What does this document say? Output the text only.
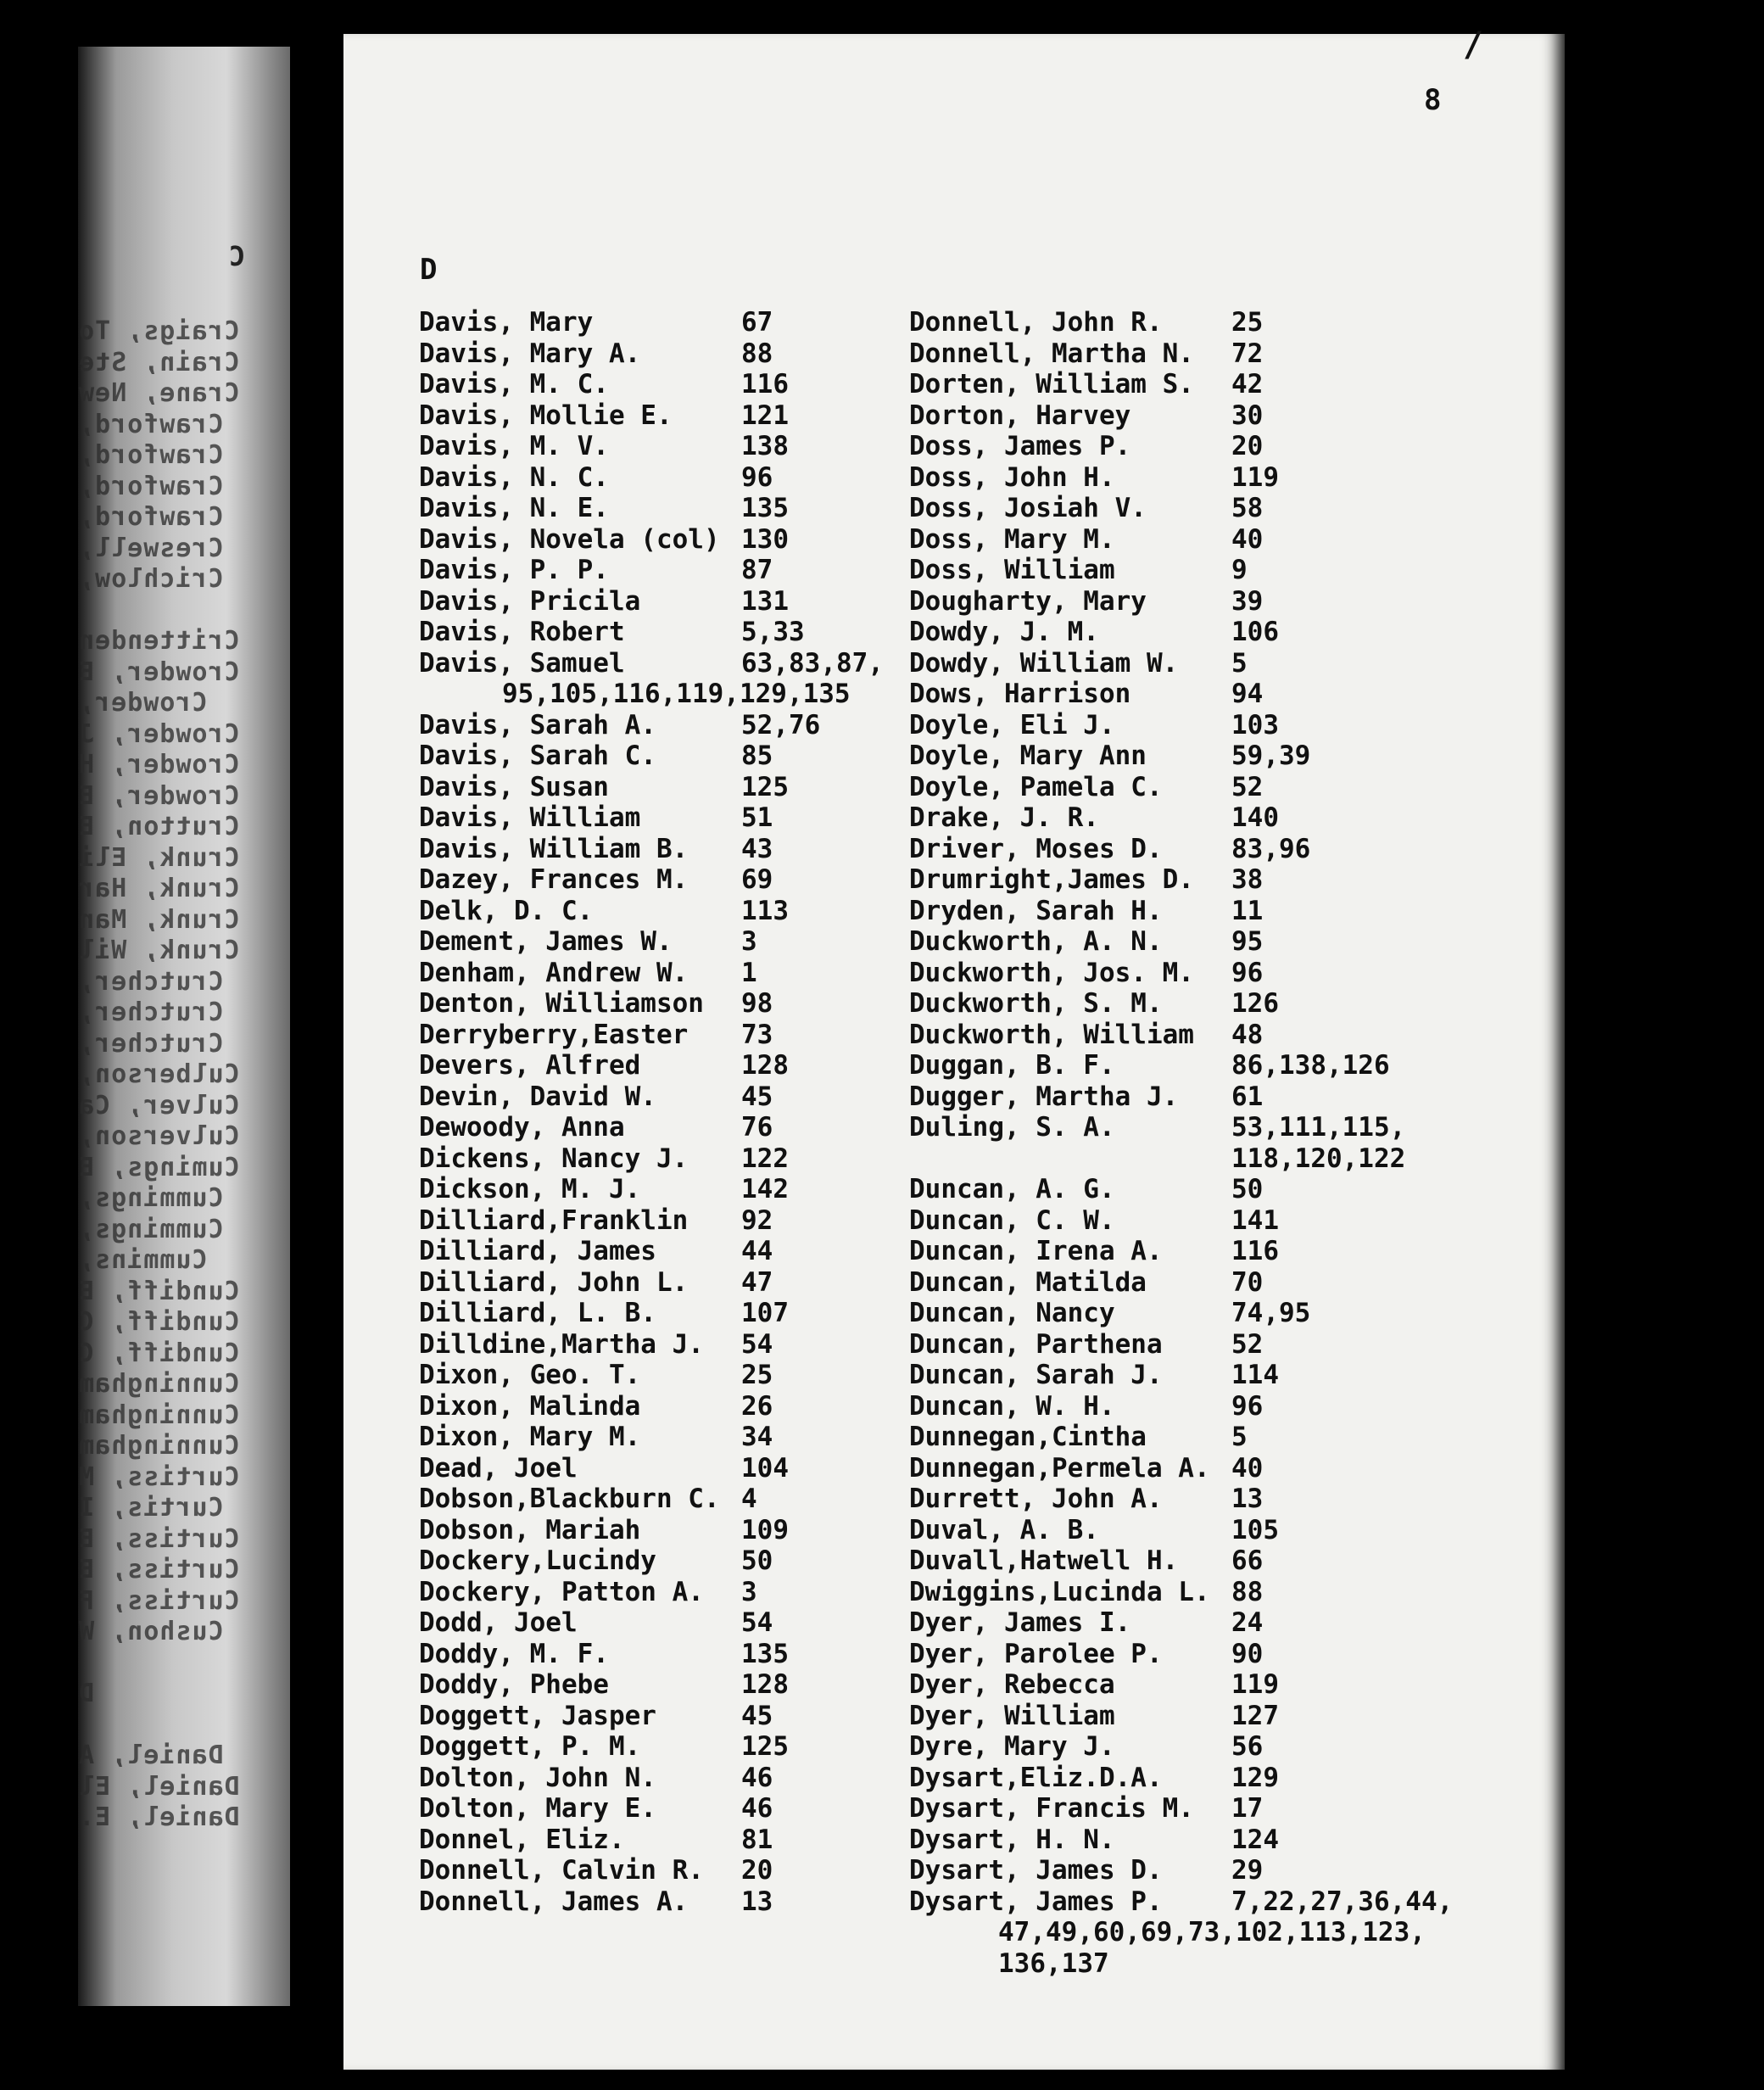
C
Craigs, To
Crain, Ste
Crane, New
Crawford,
Crawford,
Crawford,
Crawford,
Creswell,
Crichlow,
Crittenden
Crowder, E
Crowder,
Crowder, J
Crowder, H
Crowder, E
Crutton, E
Crunk, Eli
Crunk, Har
Crunk, Man
Crunk, Wil
Crutcher,
Crutcher,
Crutcher,
Culberson,
Culver, Ca
Culverson,
Cumings, E
Cummings,
Cummings,
Cummins,
Cundiff, E
Cundiff, C
Cundiff, C
Cunningham
Cunningham
Cunningham
Curtiss, M
Curtis, I
Curtiss, E
Curtiss, E
Curtiss, F
Cushon, W
D
Daniel, A
Daniel, El
Daniel, E.
/
8
D
Davis, Mary	67
Davis, Mary A.	88
Davis, M. C.	116
Davis, Mollie E.	121
Davis, M. V.	138
Davis, N. C.	96
Davis, N. E.	135
Davis, Novela (col) 130
Davis, P. P.	87
Davis, Pricila	131
Davis, Robert	5,33
Davis, Samuel	63,83,87,
95,105,116,119,129,135
Davis, Sarah A.	52,76
Davis, Sarah C.	85
Davis, Susan	125
Davis, William	51
Davis, William B. 43
Dazey, Frances M. 69
Delk, D. C.	113
Dement, James W.	3
Denham, Andrew W. 1
Denton, Williamson 98
Derryberry,Easter 73
Devers, Alfred	128
Devin, David W.	45
Dewoody, Anna	76
Dickens, Nancy J. 122
Dickson, M. J.	142
Dilliard,Franklin 92
Dilliard, James	44
Dilliard, John L. 47
Dilliard, L. B.	107
Dilldine,Martha J. 54
Dixon, Geo. T.	25
Dixon, Malinda	26
Dixon, Mary M.	34
Dead, Joel	104
Dobson,Blackburn C. 4
Dobson, Mariah	109
Dockery,Lucindy	50
Dockery, Patton A. 3
Dodd, Joel	54
Doddy, M. F.	135
Doddy, Phebe	128
Doggett, Jasper	45
Doggett, P. M.	125
Dolton, John N.	46
Dolton, Mary E.	46
Donnel, Eliz.	81
Donnell, Calvin R. 20
Donnell, James A. 13
Donnell, John R.	25
Donnell, Martha N. 72
Dorten, William S. 42
Dorton, Harvey	30
Doss, James P.	20
Doss, John H.	119
Doss, Josiah V.	58
Doss, Mary M.	40
Doss, William	9
Dougharty, Mary	39
Dowdy, J. M.	106
Dowdy, William W. 5
Dows, Harrison	94
Doyle, Eli J.	103
Doyle, Mary Ann	59,39
Doyle, Pamela C.	52
Drake, J. R.	140
Driver, Moses D.	83,96
Drumright,James D. 38
Dryden, Sarah H.	11
Duckworth, A. N.	95
Duckworth, Jos. M. 96
Duckworth, S. M.	126
Duckworth, William 48
Duggan, B. F.	86,138,126
Dugger, Martha J. 61
Duling, S. A.	53,111,115,
118,120,122
Duncan, A. G.	50
Duncan, C. W.	141
Duncan, Irena A.	116
Duncan, Matilda	70
Duncan, Nancy	74,95
Duncan, Parthena	52
Duncan, Sarah J.	114
Duncan, W. H.	96
Dunnegan,Cintha	5
Dunnegan,Permela A. 40
Durrett, John A.	13
Duval, A. B.	105
Duvall,Hatwell H. 66
Dwiggins,Lucinda L. 88
Dyer, James I.	24
Dyer, Parolee P.	90
Dyer, Rebecca	119
Dyer, William	127
Dyre, Mary J.	56
Dysart,Eliz.D.A.	129
Dysart, Francis M. 17
Dysart, H. N.	124
Dysart, James D.	29
Dysart, James P.	7,22,27,36,44,
47,49,60,69,73,102,113,123,
136,137
